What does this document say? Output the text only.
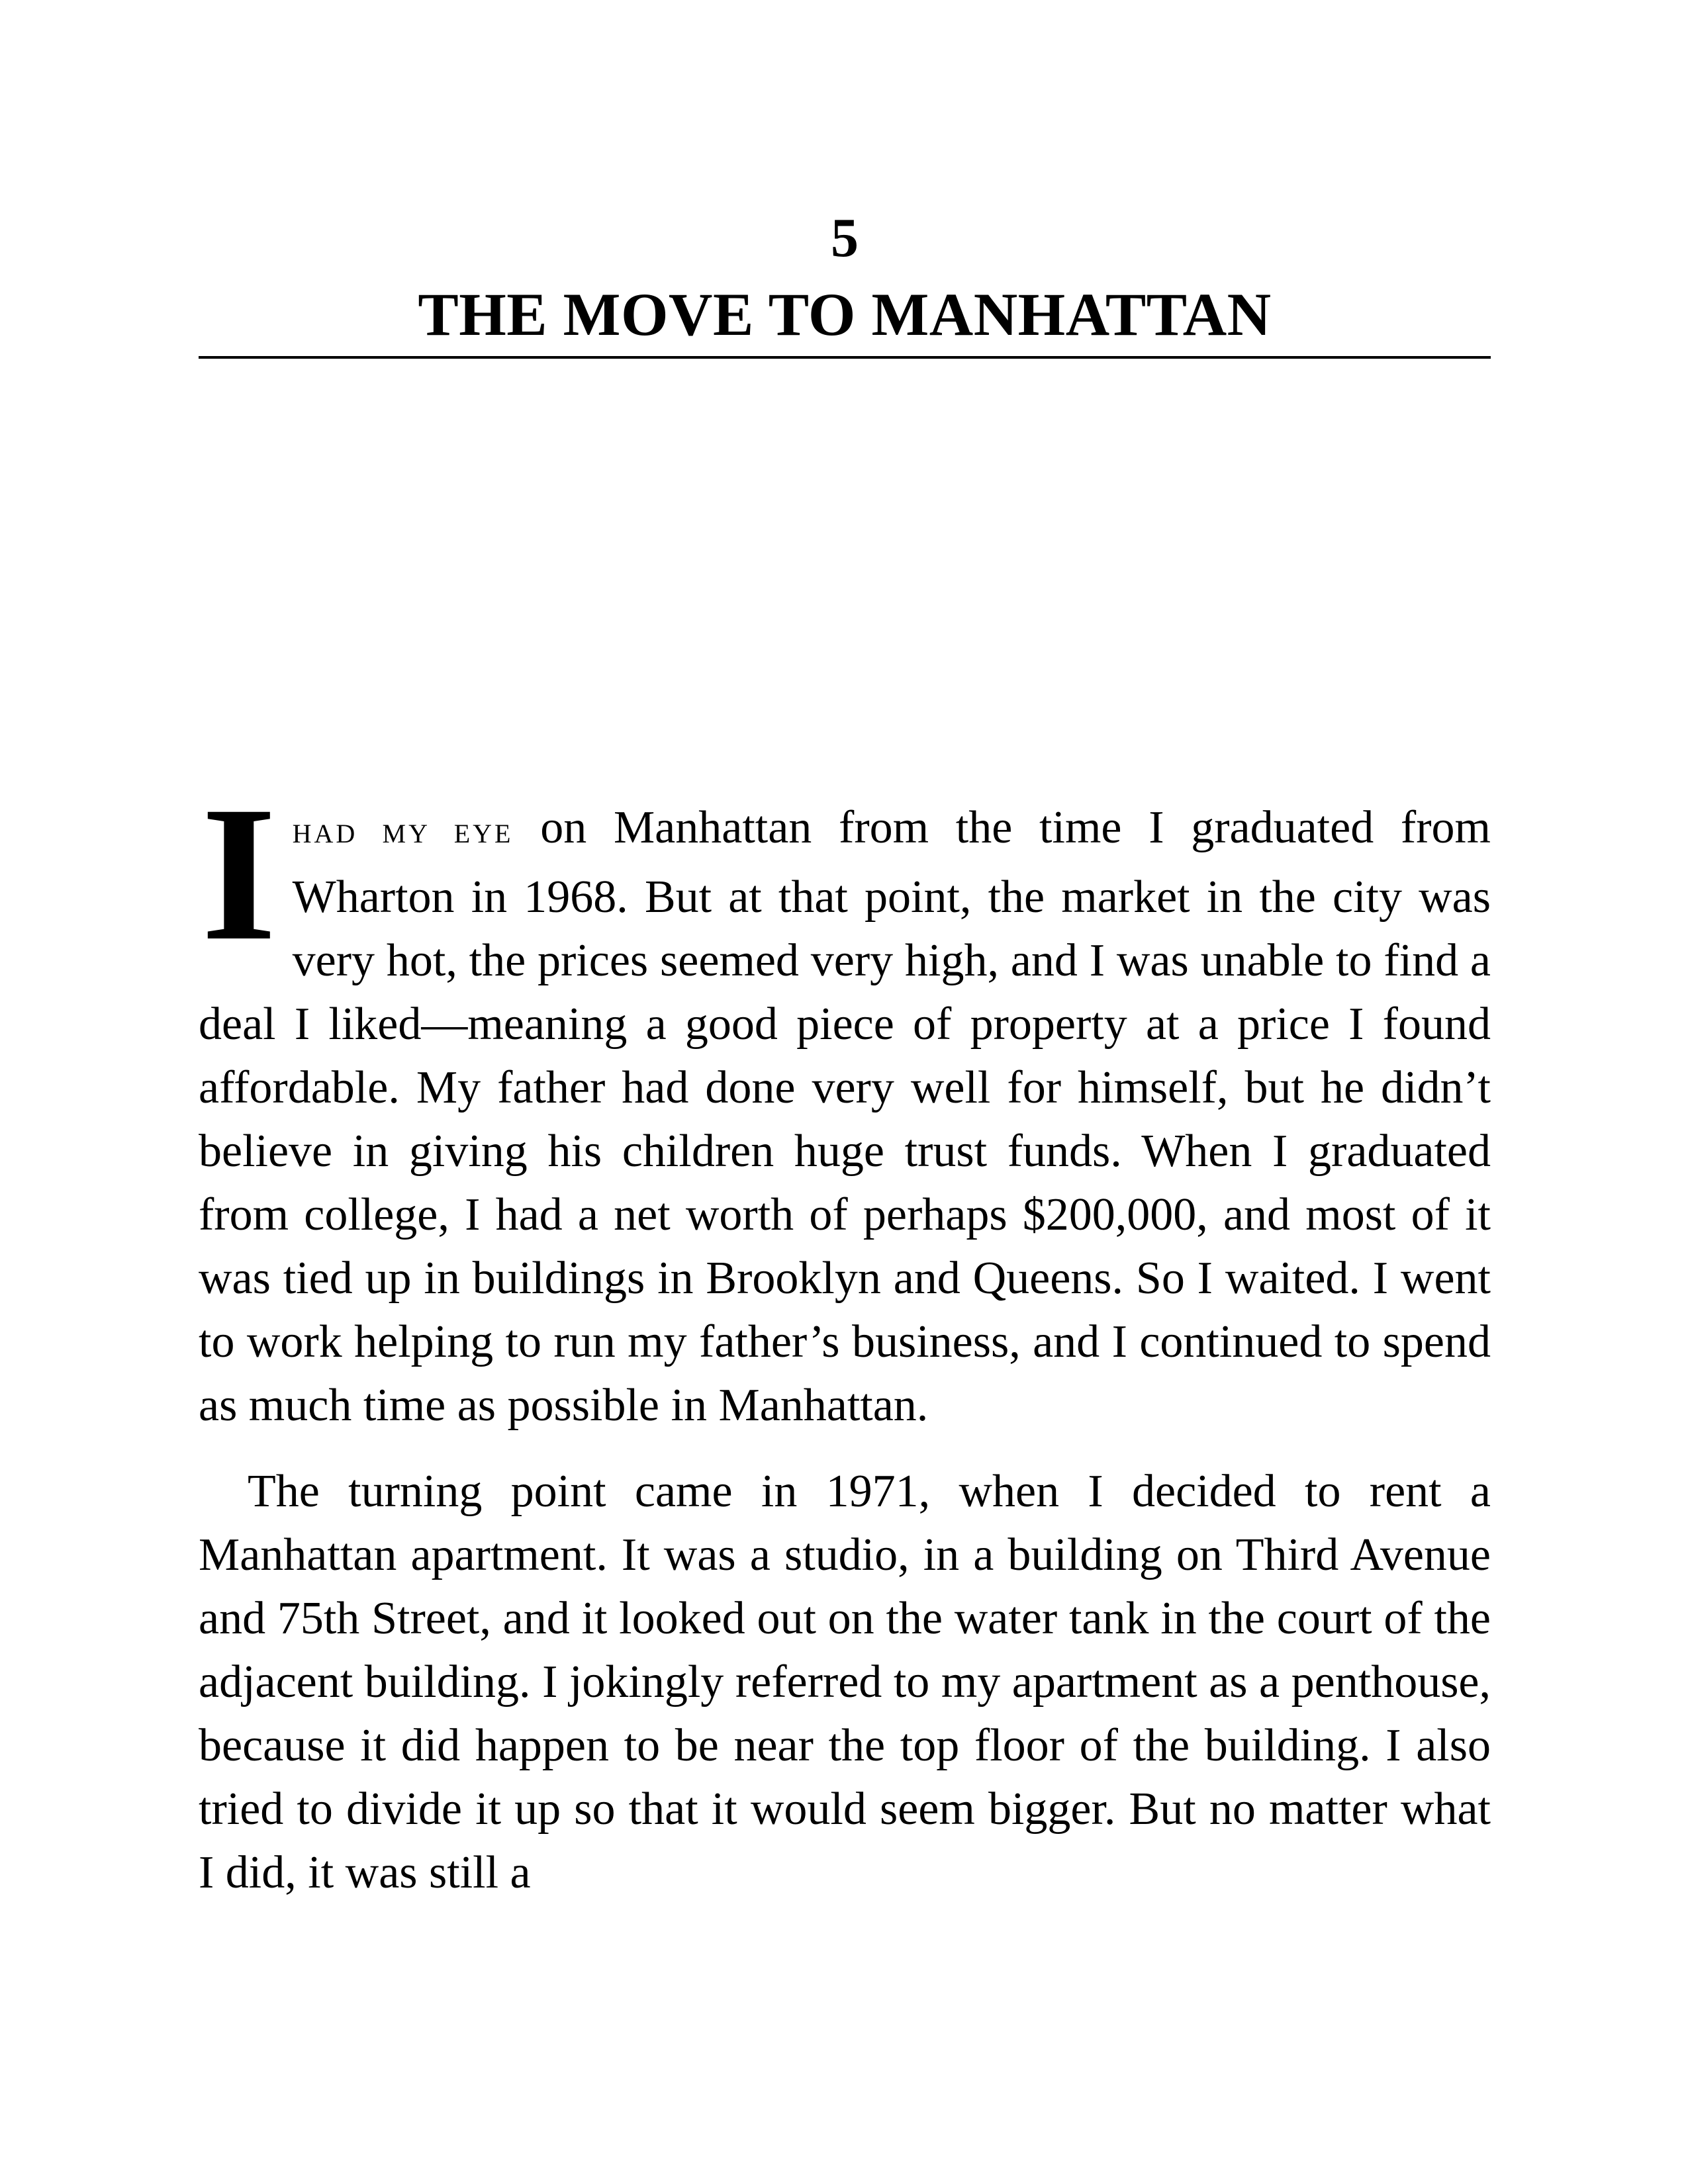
5
THE MOVE TO MANHATTAN

IHAD MY EYE on Manhattan from the time I graduated from Wharton in 1968. But at that point, the market in the city was very hot, the prices seemed very high, and I was unable to find a deal I liked—meaning a good piece of property at a price I found affordable. My father had done very well for himself, but he didn’t believe in giving his children huge trust funds. When I graduated from college, I had a net worth of perhaps $200,000, and most of it was tied up in buildings in Brooklyn and Queens. So I waited. I went to work helping to run my father’s business, and I continued to spend as much time as possible in Manhattan.

The turning point came in 1971, when I decided to rent a Manhattan apartment. It was a studio, in a building on Third Avenue and 75th Street, and it looked out on the water tank in the court of the adjacent building. I jokingly referred to my apartment as a penthouse, because it did happen to be near the top floor of the building. I also tried to divide it up so that it would seem bigger. But no matter what I did, it was still a
